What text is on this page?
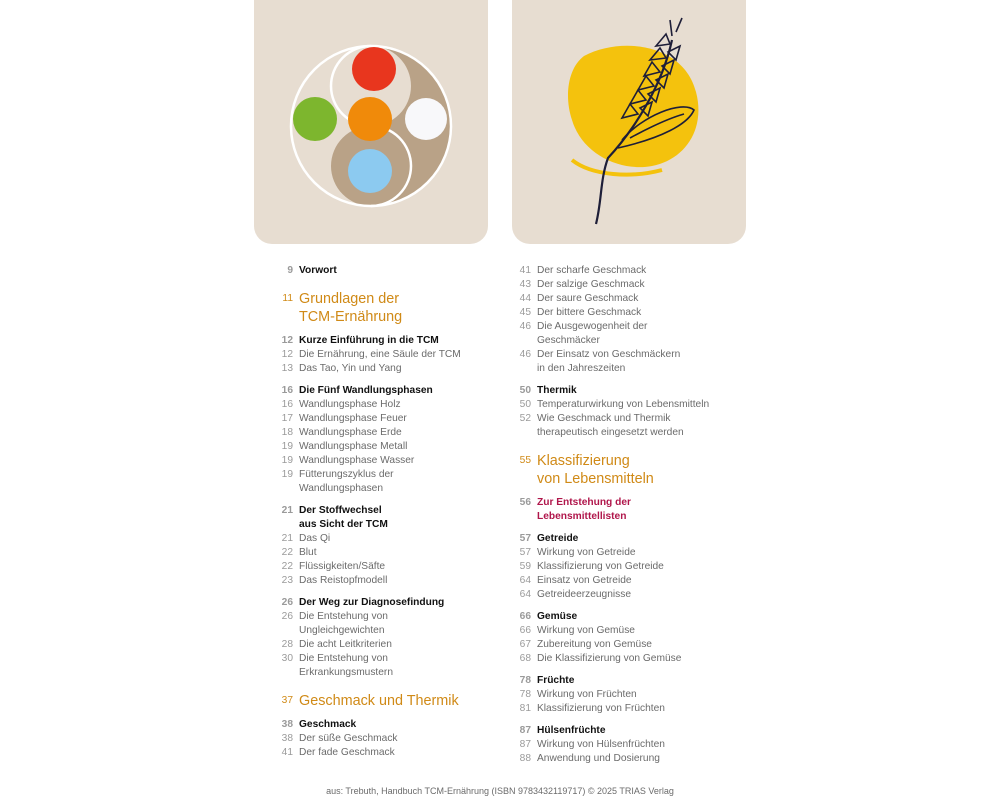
9 Vorwort
11 Grundlagen der
TCM-Ernährung
12 Kurze Einführung in die TCM
12 Die Ernährung, eine Säule der TCM
13 Das Tao, Yin und Yang
16 Die Fünf Wandlungsphasen
16 Wandlungsphase Holz
17 Wandlungsphase Feuer
18 Wandlungsphase Erde
19 Wandlungsphase Metall
19 Wandlungsphase Wasser
19 Fütterungszyklus der
Wandlungsphasen
21 Der Stoffwechsel
aus Sicht der TCM
21 Das Qi
22 Blut
22 Flüssigkeiten/Säfte
23 Das Reistopfmodell
26 Der Weg zur Diagnosefindung
26 Die Entstehung von
Ungleichgewichten
28 Die acht Leitkriterien
30 Die Entstehung von
Erkrankungsmustern
37 Geschmack und Thermik
38 Geschmack
38 Der süße Geschmack
41 Der fade Geschmack
41 Der scharfe Geschmack
43 Der salzige Geschmack
44 Der saure Geschmack
45 Der bittere Geschmack
46 Die Ausgewogenheit der
Geschmäcker
46 Der Einsatz von Geschmäckern
in den Jahreszeiten
50 Thermik
50 Temperaturwirkung von Lebensmitteln
52 Wie Geschmack und Thermik
therapeutisch eingesetzt werden
55 Klassifizierung
von Lebensmitteln
56 Zur Entstehung der
Lebensmittellisten
57 Getreide
57 Wirkung von Getreide
59 Klassifizierung von Getreide
64 Einsatz von Getreide
64 Getreideerzeugnisse
66 Gemüse
66 Wirkung von Gemüse
67 Zubereitung von Gemüse
68 Die Klassifizierung von Gemüse
78 Früchte
78 Wirkung von Früchten
81 Klassifizierung von Früchten
87 Hülsenfrüchte
87 Wirkung von Hülsenfrüchten
88 Anwendung und Dosierung
aus: Trebuth, Handbuch TCM-Ernährung (ISBN 9783432119717) © 2025 TRIAS Verlag
